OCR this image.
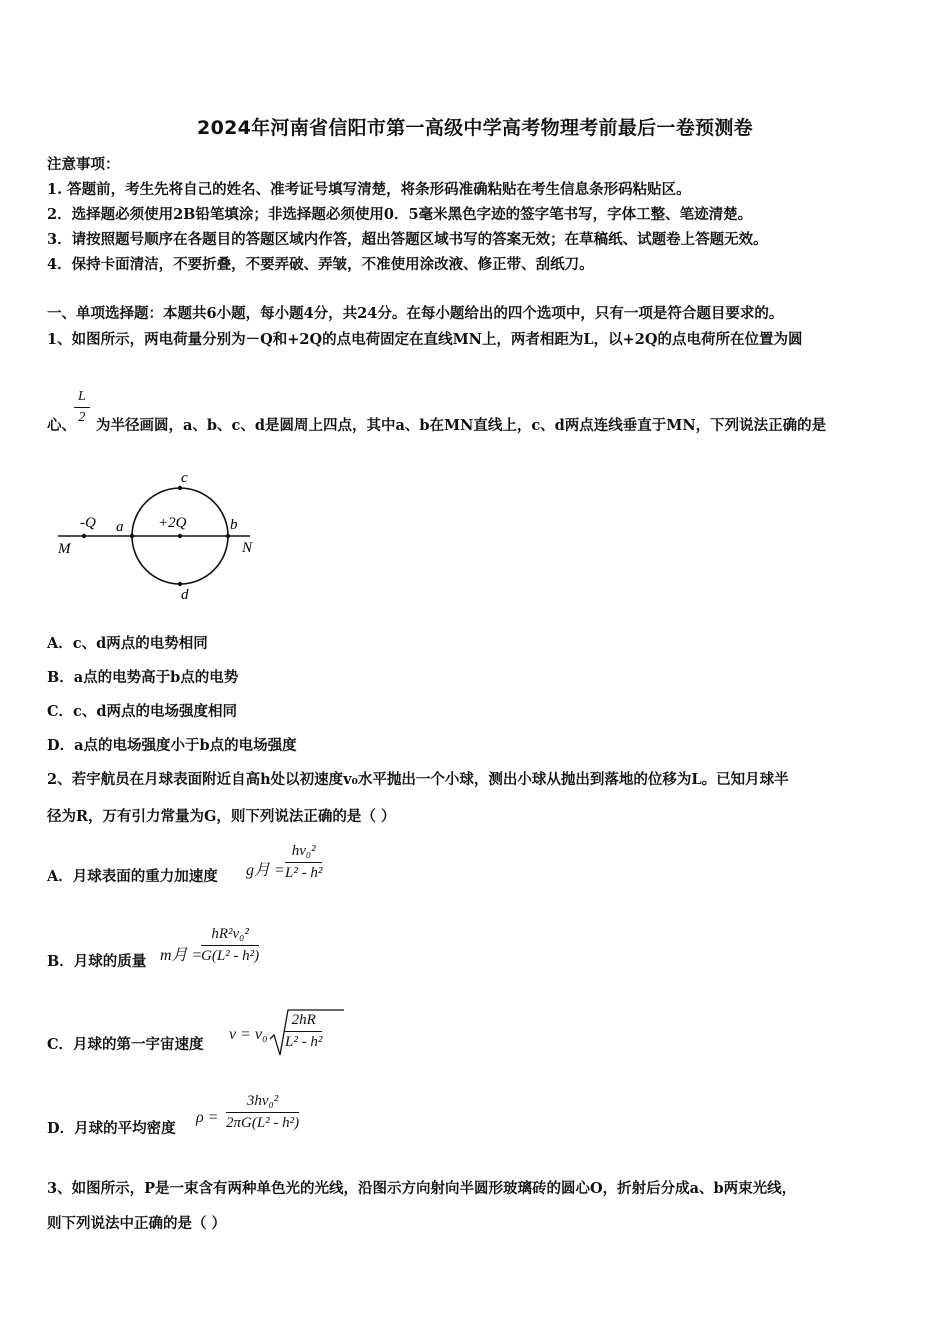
2024年河南省信阳市第一高级中学高考物理考前最后一卷预测卷
注意事项：
1. 答题前，考生先将自己的姓名、准考证号填写清楚，将条形码准确粘贴在考生信息条形码粘贴区。
2．选择题必须使用2B铅笔填涂；非选择题必须使用0．5毫米黑色字迹的签字笔书写，字体工整、笔迹清楚。
3．请按照题号顺序在各题目的答题区域内作答，超出答题区域书写的答案无效；在草稿纸、试题卷上答题无效。
4．保持卡面清洁，不要折叠，不要弄破、弄皱，不准使用涂改液、修正带、刮纸刀。
一、单项选择题：本题共6小题，每小题4分，共24分。在每小题给出的四个选项中，只有一项是符合题目要求的。
1、如图所示，两电荷量分别为－Q和+2Q的点电荷固定在直线MN上，两者相距为L，以+2Q的点电荷所在位置为圆
心、
$\frac{L}{2}$ 为半径画圆，a、b、c、d是圆周上四点，其中a、b在MN直线上，c、d两点连线垂直于MN，下列说法正确的是
-Q a +2Q	b
c
d
M	N
A．c、d两点的电势相同
B．a点的电势高于b点的电势
C．c、d两点的电场强度相同
D．a点的电场强度小于b点的电场强度
2、若宇航员在月球表面附近自高h处以初速度v₀水平抛出一个小球，测出小球从抛出到落地的位移为L。已知月球半
径为R，万有引力常量为G，则下列说法正确的是（ ）
A．月球表面的重力加速度 g月 = $\frac{\text{hv₀²}}{\text{L² - h²}}$
B．月球的质量 m月 =
$\frac{\text{hR²v₀²}}{\text{G(L² - h²)}}$
C．月球的第一宇宙速度
$v = v_0 \frac{2hR}{\text{L² - h²}}$
D．月球的平均密度
$\rho = \frac{\text{3hv₀²}}{\text{2πG(L² - h²)}}$
3、如图所示，P是一束含有两种单色光的光线，沿图示方向射向半圆形玻璃砖的圆心O，折射后分成a、b两束光线，
则下列说法中正确的是（ ）
